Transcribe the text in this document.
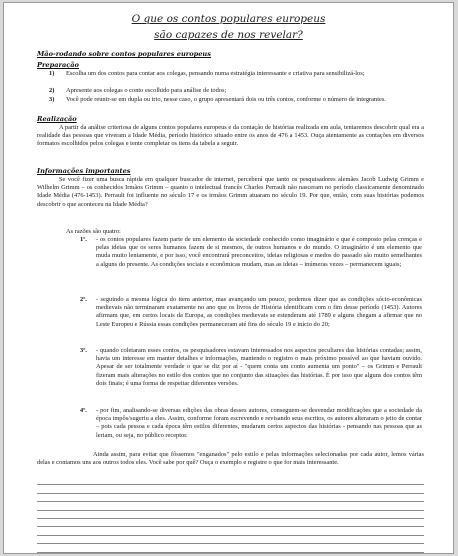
O que os contos populares europeus
são capazes de nos revelar?
Mão-rodando sobre contos populares europeus
Preparação
1) Escolha um dos contos para contar aos colegas, pensando numa estratégia interessante e criativa para sensibilizá-los;
2) Apresente aos colegas o conto escolhido para análise de todos;
3) Você pode reunir-se em dupla ou trio, nesse caso, o grupo apresentará dois ou três contos, conforme o número de integrantes.
Realização
A partir da análise criteriosa de alguns contos populares europeus e da contação de histórias realizada em aula, tentaremos descobrir qual era a realidade das pessoas que viveram a Idade Média, período histórico situado entre os anos de 476 a 1453. Ouça atentamente as contações em diversos formatos escolhidos pelos colegas e tente completar os itens da tabela a seguir.
Informações importantes
Se você fizer uma busca rápida em qualquer buscador de internet, perceberá que tanto os pesquisadores alemães Jacob Ludwig Grimm e Wilhelm Grimm – os conhecidos Irmãos Grimm – quanto o intelectual francês Charles Perrault não nasceram no período classicamente denominado Idade Média (476-1453). Perrault foi influente no século 17 e os irmãos Grimm atuaram no século 19. Por que, então, com suas histórias podemos descobrir o que aconteceu na Idade Média?
As razões são quatro:
1º. - os contos populares fazem parte de um elemento da sociedade conhecido como imaginário e que é composto pelas crenças e pelas ideias que os seres humanos fazem de si mesmos, de outros humanos e do mundo. O imaginário é um elemento que muda muito lentamente, e por isso, você encontrará preconceitos, ideias religiosas e medos do passado são muito semelhantes a alguns do presente. As condições sociais e econômicas mudam, mas as ideias – inúmeras vezes – permanecem iguais;
2º. - seguindo a mesma lógica do item anterior, mas avançando um pouco, podemos dizer que as condições sócio-econômicas medievais não terminaram exatamente no ano que os livros de História identificam com o fim desse período (1453). Autores afirmam que, em certos locais da Europa, as condições medievais se estenderam até 1789 e alguns chegam a afirmar que no Leste Europeu e Rússia essas condições permaneceram até fins do século 19 e início do 20;
3º. - quando coletaram esses contos, os pesquisadores estavam interessados nos aspectos peculiares das histórias contadas; assim, havia um interesse em manter detalhes e informações, mantendo o registro o mais próximo possível ao que haviam ouvido. Apesar de ser totalmente verdade o que se diz por aí - "quem conta um conto aumenta um ponto" – os Grimm e Perrault fizeram mais alterações no estilo dos contos que no conjunto das situações das histórias. É por isso que alguns dos contos têm dois finais; é uma forma de respeitar diferentes versões.
4º. - por fim, analisando-se diversas edições das obras desses autores, conseguem-se desvendar modificações que a sociedade da época impôs/sugeriu a eles. Assim, conforme foram escrevendo e revisando seus escritos, os autores alteraram o jeito de contar – pois cada pessoa e cada época têm estilos diferentes, mudaram certos aspectos das histórias - pensando nas pessoas que as leriam, ou seja, no público receptor.
Ainda assim, para evitar que fôssemos "enganados" pelo estilo e pelas informações selecionadas por cada autor, lemos várias delas e contamos uns aos outros todos eles. Você sabe por quê? Ouça o exemplo e registre o que for mais interessante.
